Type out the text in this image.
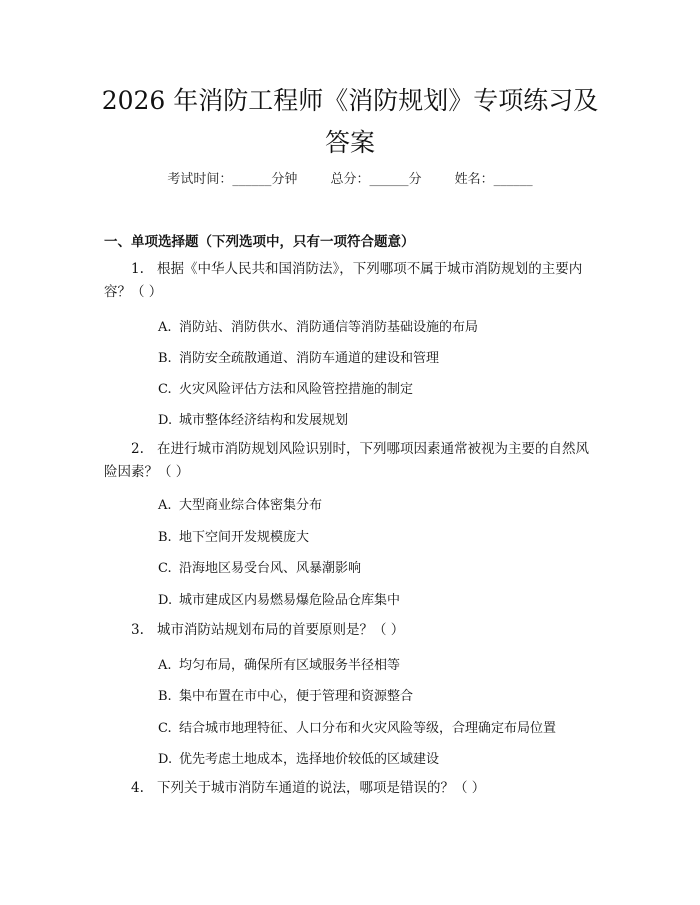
2026 年消防工程师《消防规划》专项练习及
答案
考试时间：______分钟	总分：______分	姓名：______
一、单项选择题（下列选项中，只有一项符合题意）
1. 根据《中华人民共和国消防法》，下列哪项不属于城市消防规划的主要内
容？（ ）
A. 消防站、消防供水、消防通信等消防基础设施的布局
B. 消防安全疏散通道、消防车通道的建设和管理
C. 火灾风险评估方法和风险管控措施的制定
D. 城市整体经济结构和发展规划
2. 在进行城市消防规划风险识别时，下列哪项因素通常被视为主要的自然风
险因素？（ ）
A. 大型商业综合体密集分布
B. 地下空间开发规模庞大
C. 沿海地区易受台风、风暴潮影响
D. 城市建成区内易燃易爆危险品仓库集中
3. 城市消防站规划布局的首要原则是？（ ）
A. 均匀布局，确保所有区域服务半径相等
B. 集中布置在市中心，便于管理和资源整合
C. 结合城市地理特征、人口分布和火灾风险等级，合理确定布局位置
D. 优先考虑土地成本，选择地价较低的区域建设
4. 下列关于城市消防车通道的说法，哪项是错误的？（ ）
